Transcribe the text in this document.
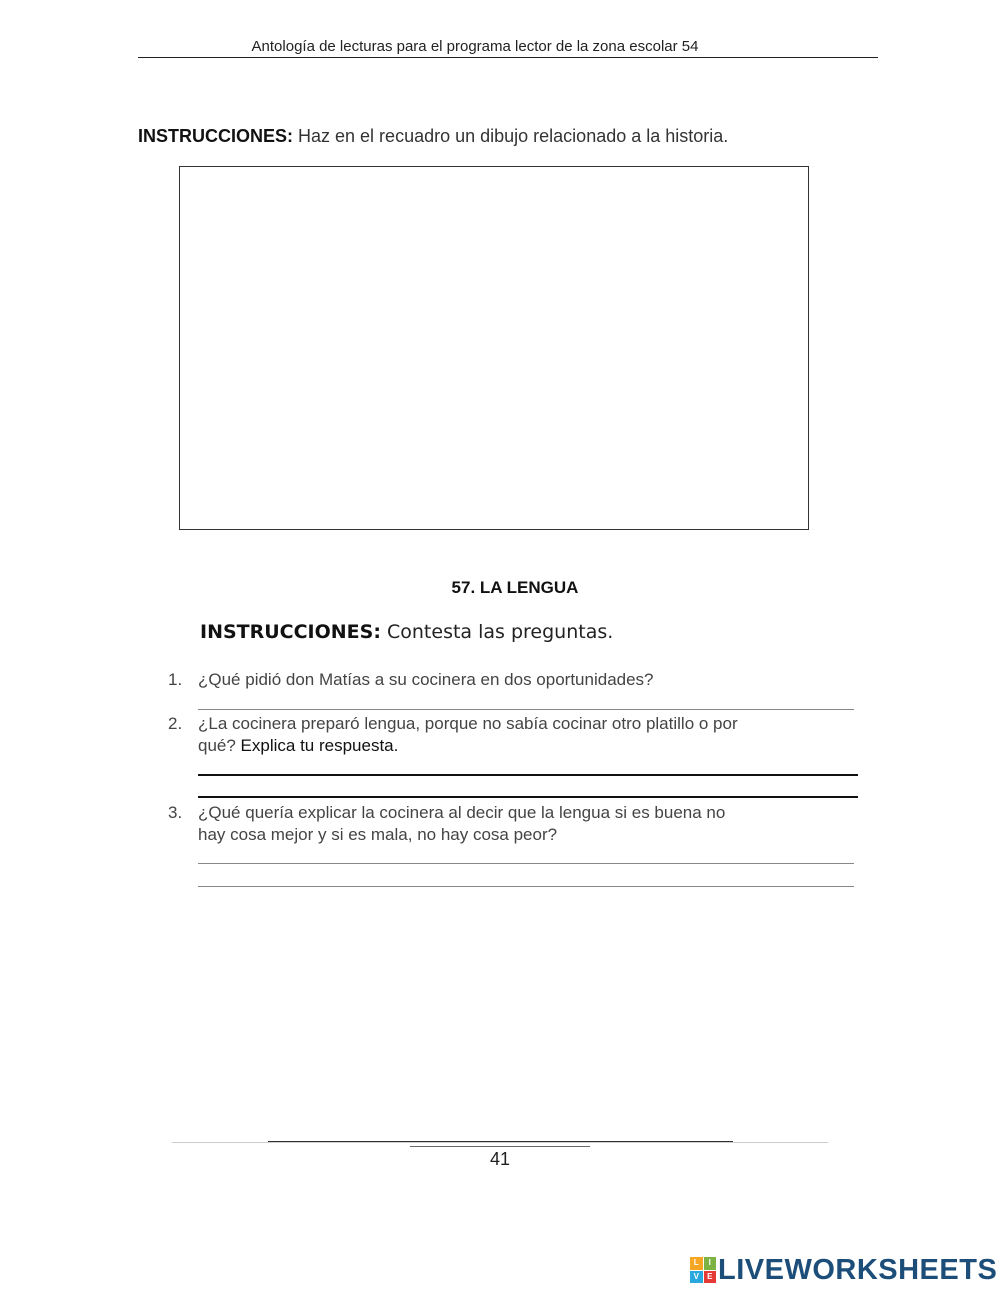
Antología de lecturas para el programa lector de la zona escolar 54
INSTRUCCIONES: Haz en el recuadro un dibujo relacionado a la historia.
57. LA LENGUA
INSTRUCCIONES: Contesta las preguntas.
1. ¿Qué pidió don Matías a su cocinera en dos oportunidades?
2. ¿La cocinera preparó lengua, porque no sabía cocinar otro platillo o por
qué? Explica tu respuesta.
3. ¿Qué quería explicar la cocinera al decir que la lengua si es buena no
hay cosa mejor y si es mala, no hay cosa peor?
41
L	I
V	E LIVEWORKSHEETS
